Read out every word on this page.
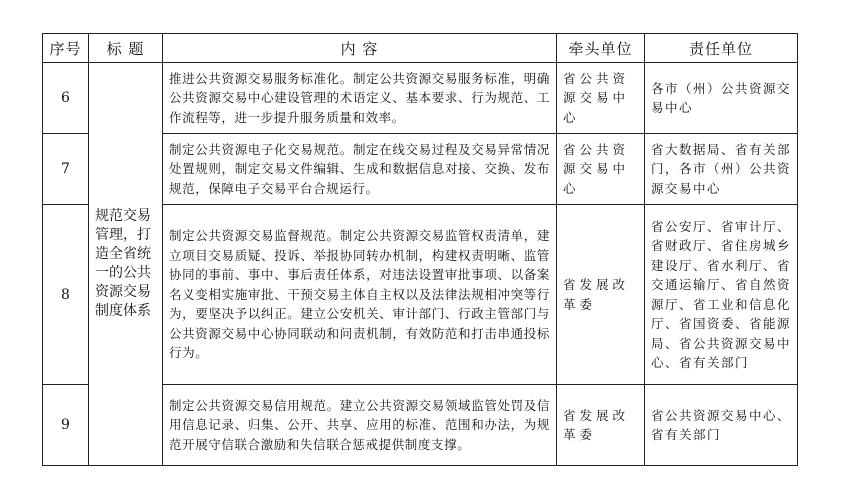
序号	标 题	内 容	牵头单位	责任单位
6	规范交易管理，打造全省统一的公共资源交易制度体系	推进公共资源交易服务标准化。制定公共资源交易服务标准，明确公共资源交易中心建设管理的术语定义、基本要求、行为规范、工作流程等，进一步提升服务质量和效率。	省公共资源交易中心	各市（州）公共资源交易中心
7		制定公共资源电子化交易规范。制定在线交易过程及交易异常情况处置规则，制定交易文件编辑、生成和数据信息对接、交换、发布规范，保障电子交易平台合规运行。	省公共资源交易中心	省大数据局、省有关部门，各市（州）公共资源交易中心
8		制定公共资源交易监督规范。制定公共资源交易监管权责清单，建立项目交易质疑、投诉、举报协同转办机制，构建权责明晰、监管协同的事前、事中、事后责任体系，对违法设置审批事项、以备案名义变相实施审批、干预交易主体自主权以及法律法规相冲突等行为，要坚决予以纠正。建立公安机关、审计部门、行政主管部门与公共资源交易中心协同联动和问责机制，有效防范和打击串通投标行为。	省发展改革委	省公安厅、省审计厅、省财政厅、省住房城乡建设厅、省水利厅、省交通运输厅、省自然资源厅、省工业和信息化厅、省国资委、省能源局、省公共资源交易中心、省有关部门
9		制定公共资源交易信用规范。建立公共资源交易领域监管处罚及信用信息记录、归集、公开、共享、应用的标准、范围和办法，为规范开展守信联合激励和失信联合惩戒提供制度支撑。	省发展改革委	省公共资源交易中心、省有关部门
